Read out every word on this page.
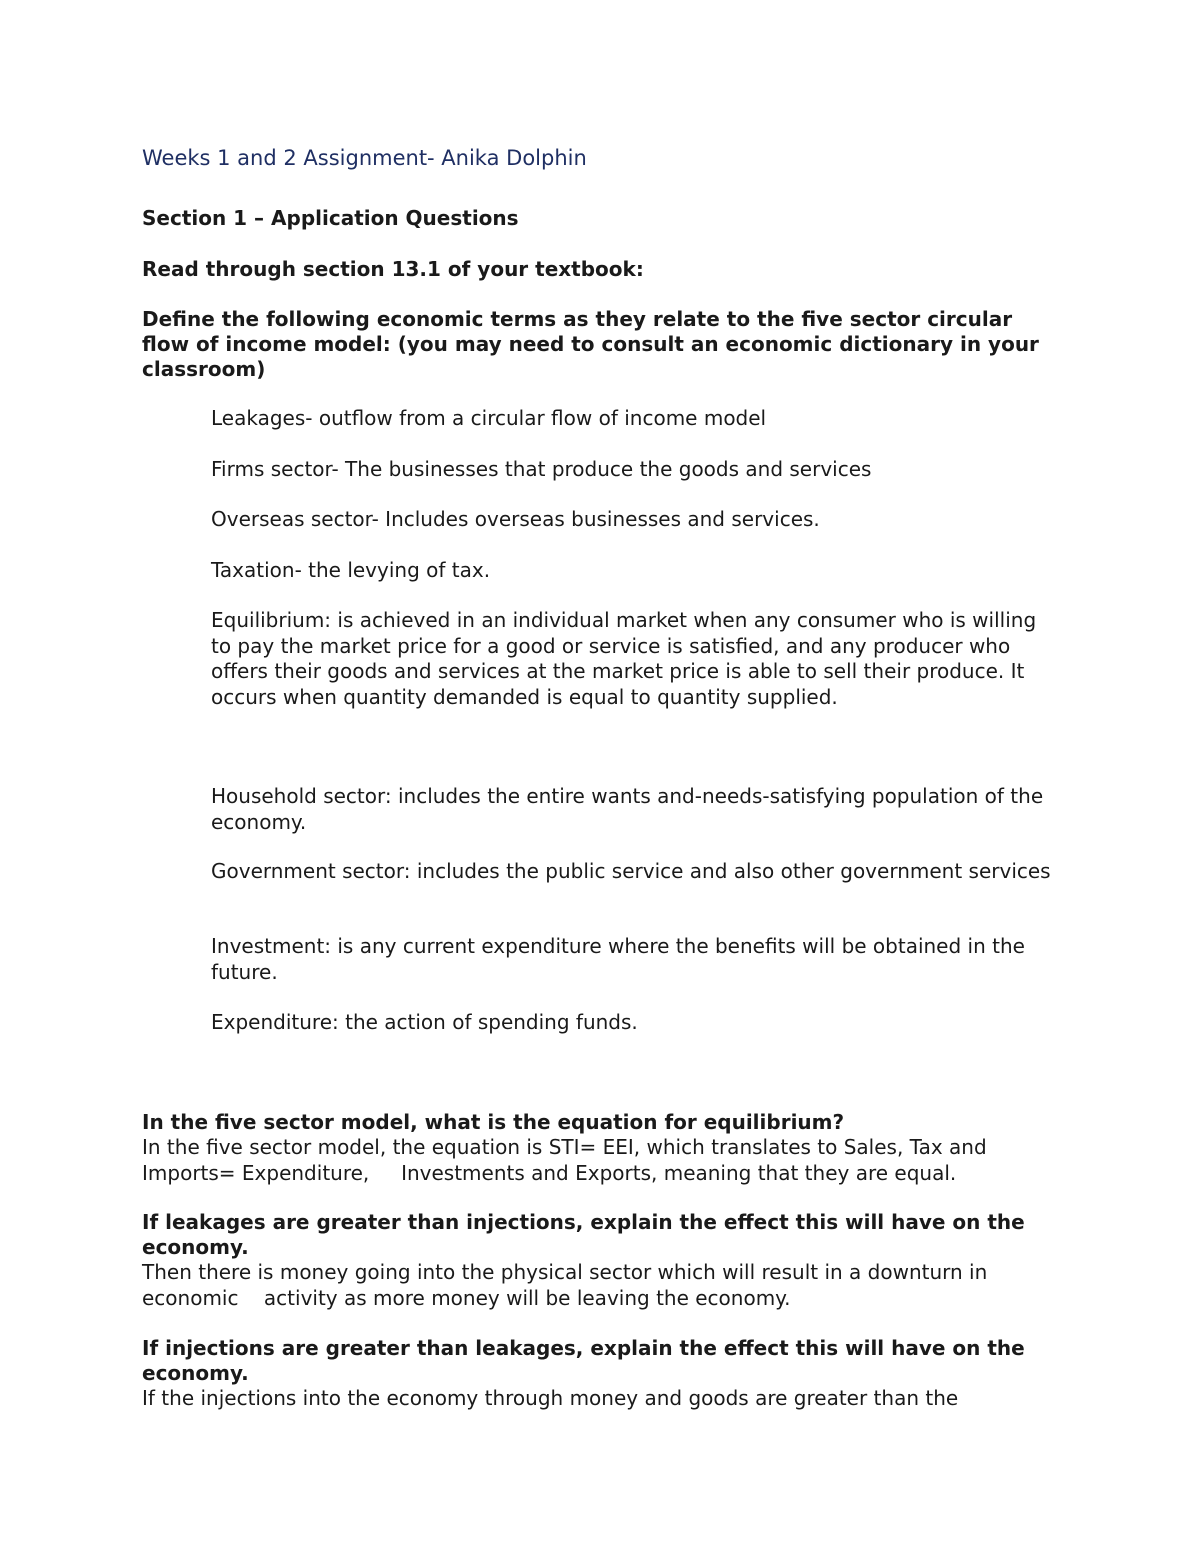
Weeks 1 and 2 Assignment- Anika Dolphin

Section 1 – Application Questions

Read through section 13.1 of your textbook:

Define the following economic terms as they relate to the five sector circular flow of income model: (you may need to consult an economic dictionary in your classroom)

Leakages- outflow from a circular flow of income model

Firms sector- The businesses that produce the goods and services

Overseas sector- Includes overseas businesses and services.

Taxation- the levying of tax.

Equilibrium: is achieved in an individual market when any consumer who is willing to pay the market price for a good or service is satisfied, and any producer who offers their goods and services at the market price is able to sell their produce. It occurs when quantity demanded is equal to quantity supplied.

Household sector: includes the entire wants and-needs-satisfying population of the economy.

Government sector: includes the public service and also other government services

Investment: is any current expenditure where the benefits will be obtained in the future.

Expenditure: the action of spending funds.

In the five sector model, what is the equation for equilibrium?
In the five sector model, the equation is STI= EEI, which translates to Sales, Tax and Imports= Expenditure,     Investments and Exports, meaning that they are equal.
If leakages are greater than injections, explain the effect this will have on the economy.
Then there is money going into the physical sector which will result in a downturn in economic    activity as more money will be leaving the economy.
If injections are greater than leakages, explain the effect this will have on the economy.
If the injections into the economy through money and goods are greater than the
